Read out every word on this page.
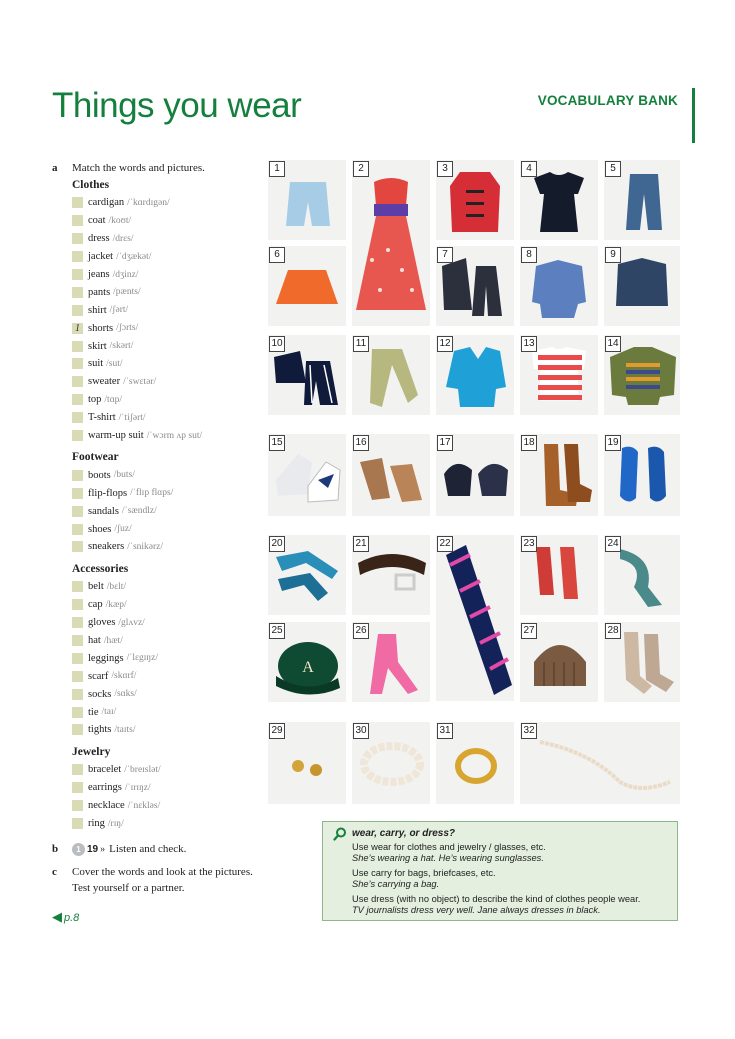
Things you wear	VOCABULARY BANK
a	Match the words and pictures.
Clothes
cardigan /ˈkɑrdɪgən/
coat /koʊt/
dress /drɛs/
jacket /ˈdʒækət/
jeans /dʒinz/
pants /pænts/
shirt /ʃərt/
1 shorts /ʃɔrts/
skirt /skərt/
suit /sut/
sweater /ˈswɛtər/
top /tɑp/
T-shirt /ˈtiʃərt/
warm-up suit /ˈwɔrm ʌp sut/
Footwear
boots /buts/
flip-flops /ˈflɪp flɑps/
sandals /ˈsændlz/
shoes /ʃuz/
sneakers /ˈsnikərz/
Accessories
belt /bɛlt/
cap /kæp/
gloves /glʌvz/
hat /hæt/
leggings /ˈlɛgɪŋz/
scarf /skɑrf/
socks /sɑks/
tie /taɪ/
tights /taɪts/
Jewelry
bracelet /ˈbreɪslət/
earrings /ˈɪrɪŋz/
necklace /ˈnɛkləs/
ring /rɪŋ/
b	1 19 » Listen and check.
c	Cover the words and look at the pictures.
Test yourself or a partner.
◀ p.8
1	2	3	4	5
6	7	8	9
10	11	12	13	14
15	16	17	18	19
20	21	22	23	24
25
A
26	27	28
29	30	31	32
wear, carry, or dress?
Use wear for clothes and jewelry / glasses, etc.
She’s wearing a hat. He’s wearing sunglasses.
Use carry for bags, briefcases, etc.
She’s carrying a bag.
Use dress (with no object) to describe the kind of clothes people wear.
TV journalists dress very well. Jane always dresses in black.
